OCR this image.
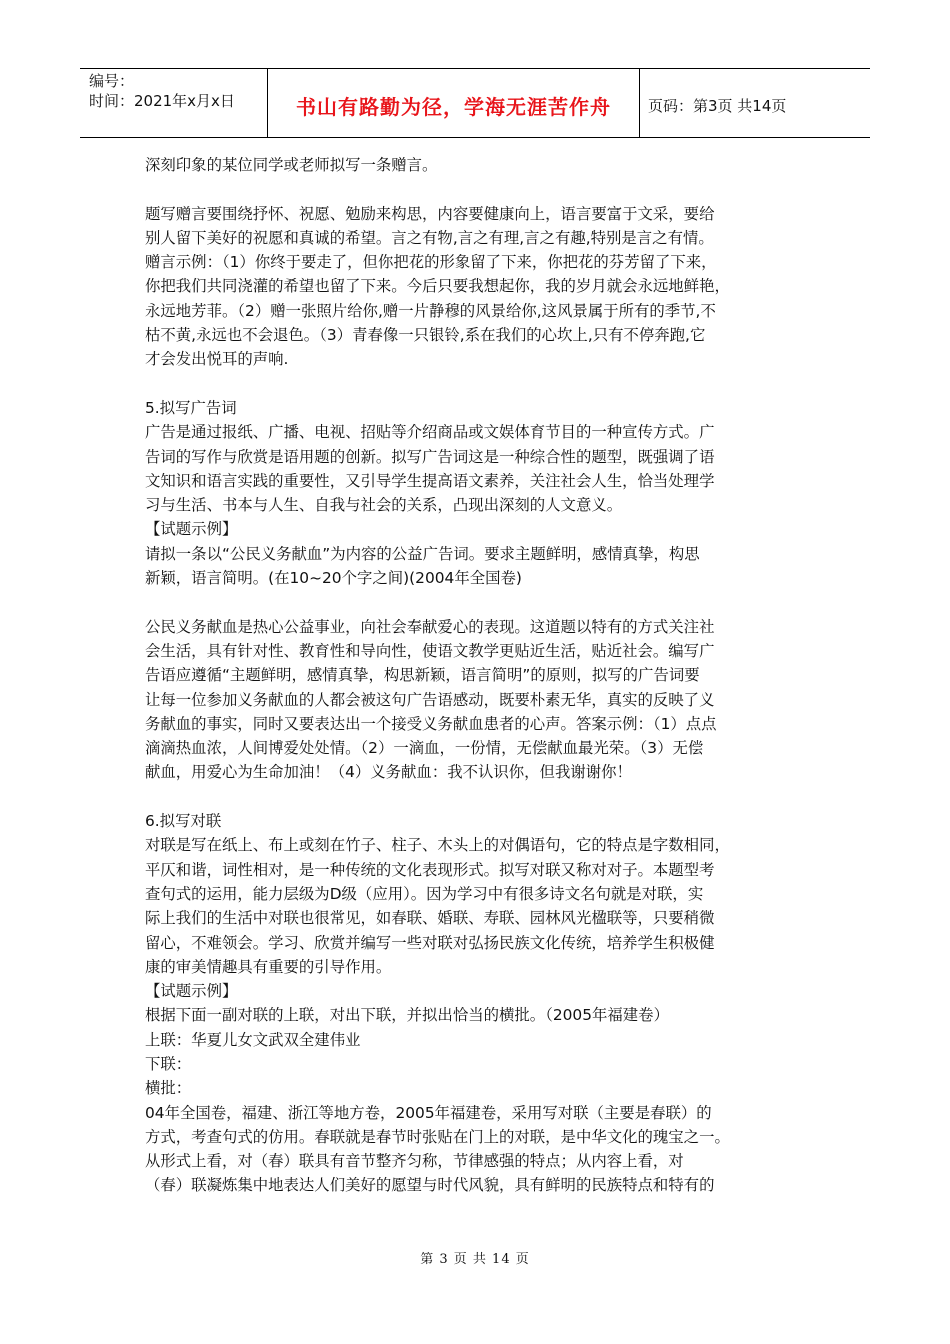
编号：
时间：2021年x月x日	书山有路勤为径，学海无涯苦作舟	页码：第3页 共14页

深刻印象的某位同学或老师拟写一条赠言。

题写赠言要围绕抒怀、祝愿、勉励来构思，内容要健康向上，语言要富于文采，要给

别人留下美好的祝愿和真诚的希望。言之有物,言之有理,言之有趣,特别是言之有情。

赠言示例：（1）你终于要走了，但你把花的形象留了下来，你把花的芬芳留了下来，

你把我们共同浇灌的希望也留了下来。今后只要我想起你，我的岁月就会永远地鲜艳，

永远地芳菲。（2）赠一张照片给你,赠一片静穆的风景给你,这风景属于所有的季节,不

枯不黄,永远也不会退色。（3）青春像一只银铃,系在我们的心坎上,只有不停奔跑,它

才会发出悦耳的声响.

5.拟写广告词

广告是通过报纸、广播、电视、招贴等介绍商品或文娱体育节目的一种宣传方式。广

告词的写作与欣赏是语用题的创新。拟写广告词这是一种综合性的题型，既强调了语

文知识和语言实践的重要性，又引导学生提高语文素养，关注社会人生，恰当处理学

习与生活、书本与人生、自我与社会的关系，凸现出深刻的人文意义。

【试题示例】

请拟一条以“公民义务献血”为内容的公益广告词。要求主题鲜明，感情真挚，构思

新颖，语言简明。(在10~20个字之间)(2004年全国卷)

公民义务献血是热心公益事业，向社会奉献爱心的表现。这道题以特有的方式关注社

会生活，具有针对性、教育性和导向性，使语文教学更贴近生活，贴近社会。编写广

告语应遵循“主题鲜明，感情真挚，构思新颖，语言简明”的原则，拟写的广告词要

让每一位参加义务献血的人都会被这句广告语感动，既要朴素无华，真实的反映了义

务献血的事实，同时又要表达出一个接受义务献血患者的心声。答案示例：（1）点点

滴滴热血浓，人间博爱处处情。（2）一滴血，一份情，无偿献血最光荣。（3）无偿

献血，用爱心为生命加油！（4）义务献血：我不认识你，但我谢谢你！

6.拟写对联

对联是写在纸上、布上或刻在竹子、柱子、木头上的对偶语句，它的特点是字数相同，

平仄和谐，词性相对，是一种传统的文化表现形式。拟写对联又称对对子。本题型考

查句式的运用，能力层级为D级（应用）。因为学习中有很多诗文名句就是对联，实

际上我们的生活中对联也很常见，如春联、婚联、寿联、园林风光楹联等，只要稍微

留心，不难领会。学习、欣赏并编写一些对联对弘扬民族文化传统，培养学生积极健

康的审美情趣具有重要的引导作用。

【试题示例】

根据下面一副对联的上联，对出下联，并拟出恰当的横批。（2005年福建卷）

上联：华夏儿女文武双全建伟业

下联：

横批：

04年全国卷，福建、浙江等地方卷，2005年福建卷，采用写对联（主要是春联）的

方式，考查句式的仿用。春联就是春节时张贴在门上的对联，是中华文化的瑰宝之一。

从形式上看，对（春）联具有音节整齐匀称，节律感强的特点；从内容上看，对

（春）联凝炼集中地表达人们美好的愿望与时代风貌，具有鲜明的民族特点和特有的

第 3 页 共 14 页
